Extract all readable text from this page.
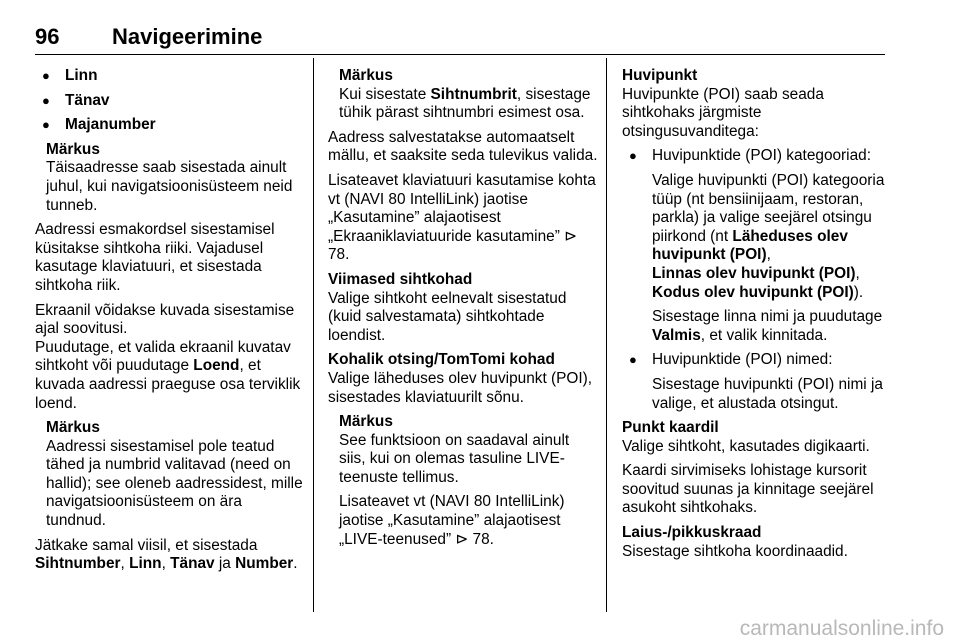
96 Navigeerimine
● Linn
● Tänav
● Majanumber
Märkus
Täisaadresse saab sisestada ainult juhul, kui navigatsioonisüsteem neid tunneb.

Aadressi esmakordsel sisestamisel küsitakse sihtkoha riiki. Vajadusel kasutage klaviatuuri, et sisestada sihtkoha riik.

Ekraanil võidakse kuvada sisestamise ajal soovitusi.

Puudutage, et valida ekraanil kuvatav sihtkoht või puudutage Loend, et kuvada aadressi praeguse osa terviklik loend.

Märkus
Aadressi sisestamisel pole teatud tähed ja numbrid valitavad (need on hallid); see oleneb aadressidest, mille navigatsioonisüsteem on ära tundnud.

Jätkake samal viisil, et sisestada Sihtnumber, Linn, Tänav ja Number.

Märkus
Kui sisestate Sihtnumbrit, sisestage tühik pärast sihtnumbri esimest osa.

Aadress salvestatakse automaatselt mällu, et saaksite seda tulevikus valida.

Lisateavet klaviatuuri kasutamise kohta vt (NAVI 80 IntelliLink) jaotise „Kasutamine” alajaotisest „Ekraaniklaviatuuride kasutamine” ⊳ 78.

Viimased sihtkohad

Valige sihtkoht eelnevalt sisestatud (kuid salvestamata) sihtkohtade loendist.

Kohalik otsing/TomTomi kohad

Valige läheduses olev huvipunkt (POI), sisestades klaviatuurilt sõnu.

Märkus

See funktsioon on saadaval ainult siis, kui on olemas tasuline LIVE-teenuste tellimus.

Lisateavet vt (NAVI 80 IntelliLink) jaotise „Kasutamine” alajaotisest „LIVE-teenused” ⊳ 78.
Huvipunkt

Huvipunkte (POI) saab seada sihtkohaks järgmiste otsingusuvanditega:

● Huvipunktide (POI) kategooriad:

Valige huvipunkti (POI) kategooria tüüp (nt bensiinijaam, restoran, parkla) ja valige seejärel otsingu piirkond (nt Läheduses olev huvipunkt (POI),
Linnas olev huvipunkt (POI),
Kodus olev huvipunkt (POI)).

Sisestage linna nimi ja puudutage Valmis, et valik kinnitada.

● Huvipunktide (POI) nimed:

Sisestage huvipunkti (POI) nimi ja valige, et alustada otsingut.

Punkt kaardil

Valige sihtkoht, kasutades digikaarti.

Kaardi sirvimiseks lohistage kursorit soovitud suunas ja kinnitage seejärel asukoht sihtkohaks.

Laius-/pikkuskraad

Sisestage sihtkoha koordinaadid.

carmanualsonline.info
